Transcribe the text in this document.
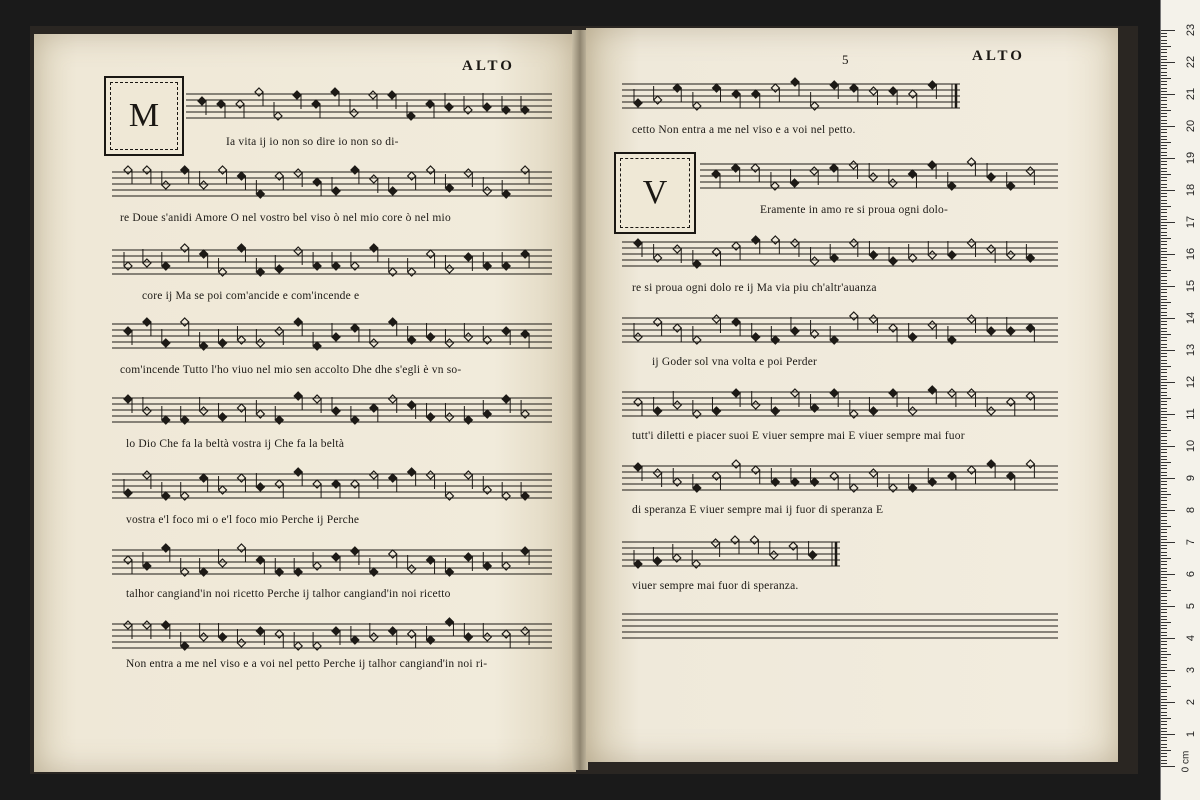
ALTO
ALTO
5
M
V
Ia vita ij io non so dire io non so di-
re Doue s'anidi Amore O nel vostro bel viso ò nel mio core ò nel mio
core ij Ma se poi com'ancide e com'incende e
com'incende Tutto l'ho viuo nel mio sen accolto Dhe dhe s'egli è vn so-
lo Dio Che fa la beltà vostra ij Che fa la beltà
vostra e'l foco mi o e'l foco mio Perche ij Perche
talhor cangiand'in noi ricetto Perche ij talhor cangiand'in noi ricetto
Non entra a me nel viso e a voi nel petto Perche ij talhor cangiand'in noi ri-
cetto Non entra a me nel viso e a voi nel petto.
Eramente in amo re si proua ogni dolo-
re si proua ogni dolo re ij Ma via piu ch'altr'auanza
ij Goder sol vna volta e poi Perder
tutt'i diletti e piacer suoi E viuer sempre mai E viuer sempre mai fuor
di speranza E viuer sempre mai ij fuor di speranza E
viuer sempre mai fuor di speranza.
0 cm
1
2
3
4
5
6
7
8
9
10
11
12
13
14
15
16
17
18
19
20
21
22
23
